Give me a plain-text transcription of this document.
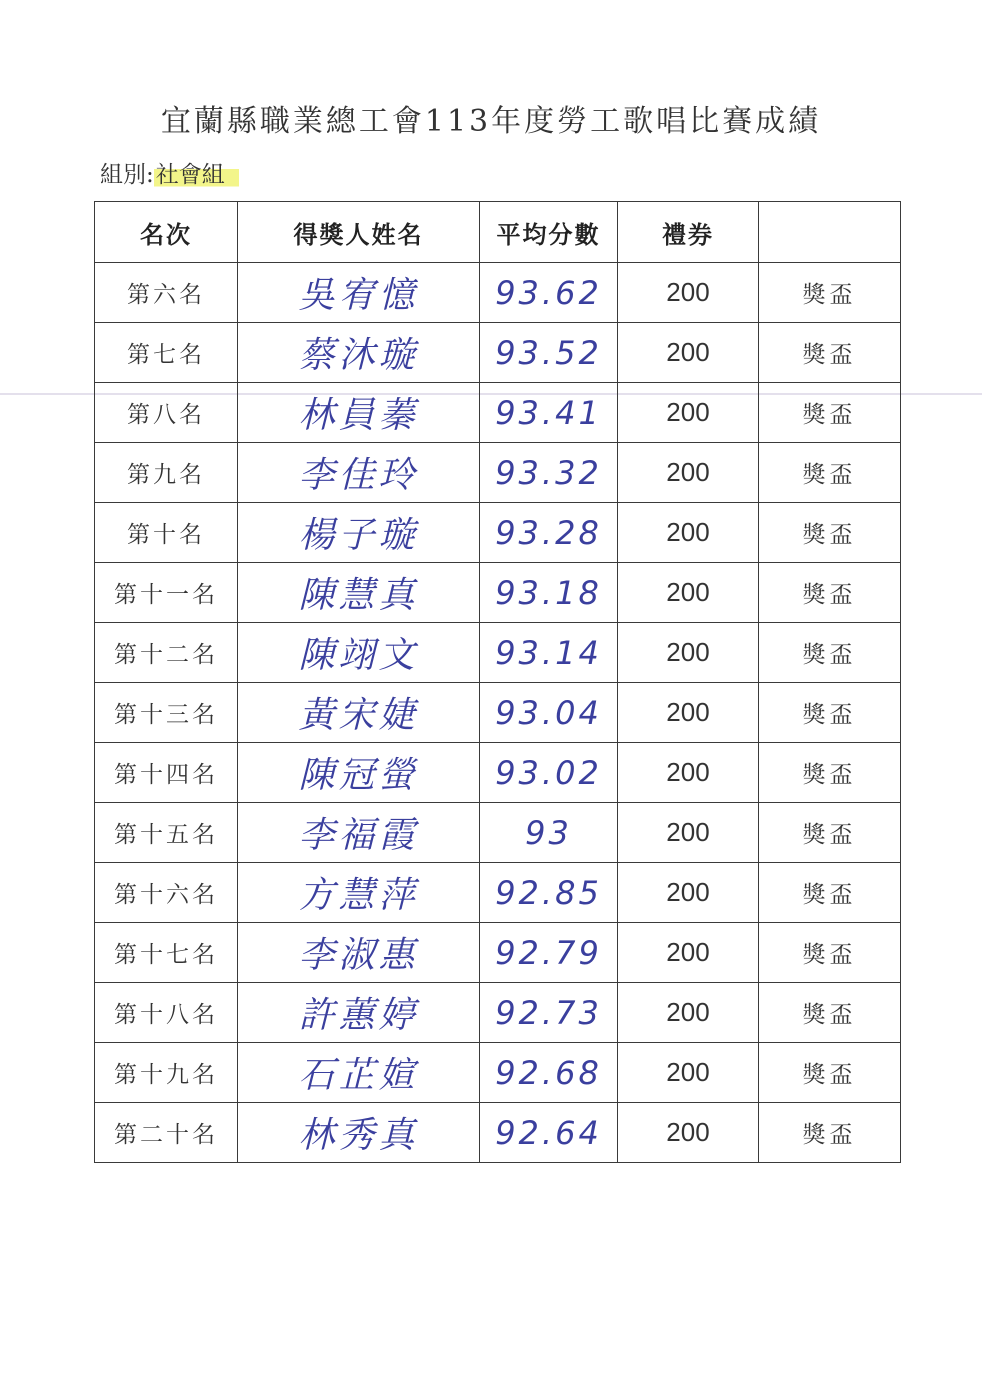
宜蘭縣職業總工會113年度勞工歌唱比賽成績
組別: 社會組
名次	得獎人姓名	平均分數	禮券	
第六名	吳宥憶	93.62	200	獎盃
第七名	蔡沐璇	93.52	200	獎盃
第八名	林員蓁	93.41	200	獎盃
第九名	李佳玲	93.32	200	獎盃
第十名	楊子璇	93.28	200	獎盃
第十一名	陳慧真	93.18	200	獎盃
第十二名	陳翊文	93.14	200	獎盃
第十三名	黃宋婕	93.04	200	獎盃
第十四名	陳冠螢	93.02	200	獎盃
第十五名	李福霞	93	200	獎盃
第十六名	方慧萍	92.85	200	獎盃
第十七名	李淑惠	92.79	200	獎盃
第十八名	許蕙婷	92.73	200	獎盃
第十九名	石芷媗	92.68	200	獎盃
第二十名	林秀真	92.64	200	獎盃
